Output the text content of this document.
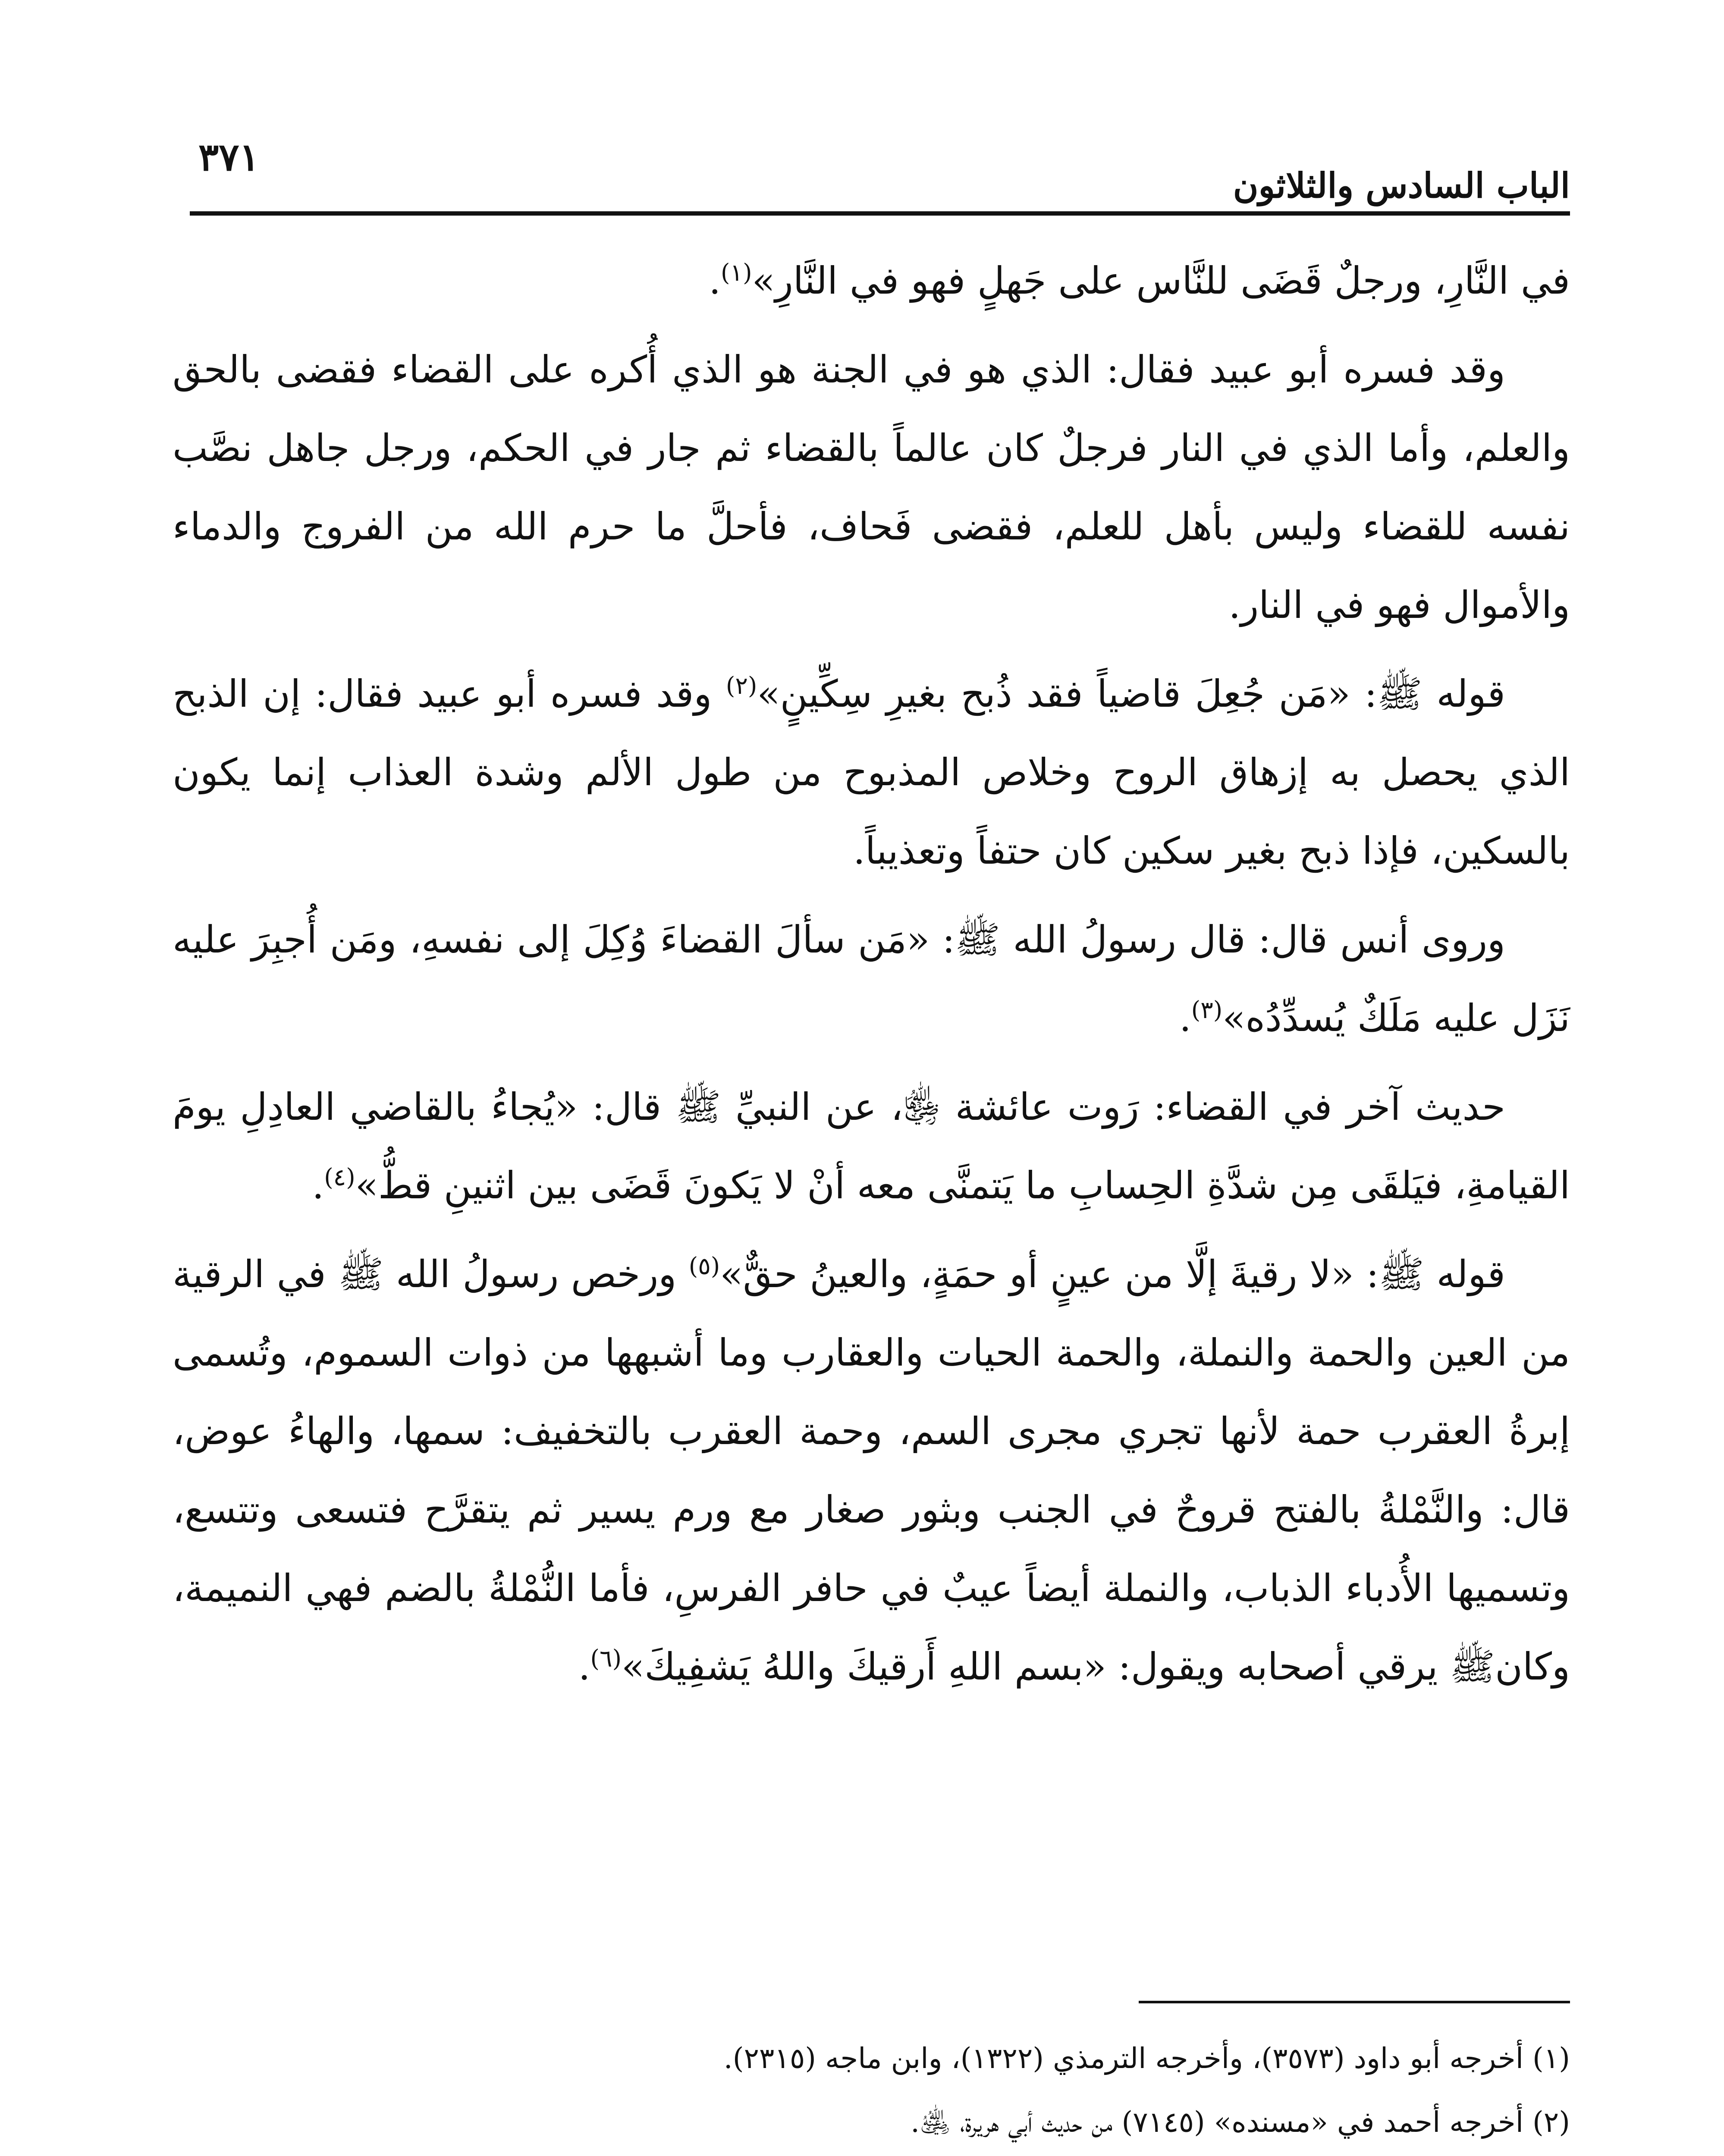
٣٧١
الباب السادس والثلاثون

في النَّارِ، ورجلٌ قَضَى للنَّاس على جَهلٍ فهو في النَّارِ»$^{(١)}$.

وقد فسره أبو عبيد فقال: الذي هو في الجنة هو الذي أُكره على القضاء فقضى بالحق والعلم، وأما الذي في النار فرجلٌ كان عالماً بالقضاء ثم جار في الحكم، ورجل جاهل نصَّب نفسه للقضاء وليس بأهل للعلم، فقضى فَحاف، فأحلَّ ما حرم الله من الفروج والدماء والأموال فهو في النار.

قوله ﷺ: «مَن جُعِلَ قاضياً فقد ذُبح بغيرِ سِكِّينٍ»$^{(٢)}$ وقد فسره أبو عبيد فقال: إن الذبح الذي يحصل به إزهاق الروح وخلاص المذبوح من طول الألم وشدة العذاب إنما يكون بالسكين، فإذا ذبح بغير سكين كان حتفاً وتعذيباً.

وروى أنس قال: قال رسولُ الله ﷺ: «مَن سألَ القضاءَ وُكِلَ إلى نفسهِ، ومَن أُجبِرَ عليه نَزَل عليه مَلَكٌ يُسدِّدُه»$^{(٣)}$.

حديث آخر في القضاء: رَوت عائشة ﵂، عن النبيِّ ﷺ قال: «يُجاءُ بالقاضي العادِلِ يومَ القيامةِ، فيَلقَى مِن شدَّةِ الحِسابِ ما يَتمنَّى معه أنْ لا يَكونَ قَضَى بين اثنينِ قطُّ»$^{(٤)}$.

قوله ﷺ: «لا رقيةَ إلَّا من عينٍ أو حمَةٍ، والعينُ حقٌّ»$^{(٥)}$ ورخص رسولُ الله ﷺ في الرقية من العين والحمة والنملة، والحمة الحيات والعقارب وما أشبهها من ذوات السموم، وتُسمى إبرةُ العقرب حمة لأنها تجري مجرى السم، وحمة العقرب بالتخفيف: سمها، والهاءُ عوض، قال: والنَّمْلةُ بالفتح قروحٌ في الجنب وبثور صغار مع ورم يسير ثم يتقرَّح فتسعى وتتسع، وتسميها الأُدباء الذباب، والنملة أيضاً عيبٌ في حافر الفرسِ، فأما النُّمْلةُ بالضم فهي النميمة، وكانﷺ يرقي أصحابه ويقول: «بسم اللهِ أَرقيكَ واللهُ يَشفِيكَ»$^{(٦)}$.

(١) أخرجه أبو داود (٣٥٧٣)، وأخرجه الترمذي (١٣٢٢)، وابن ماجه (٢٣١٥).

(٢) أخرجه أحمد في «مسنده» (٧١٤٥) من حديث أبي هريرة، ﵁.
